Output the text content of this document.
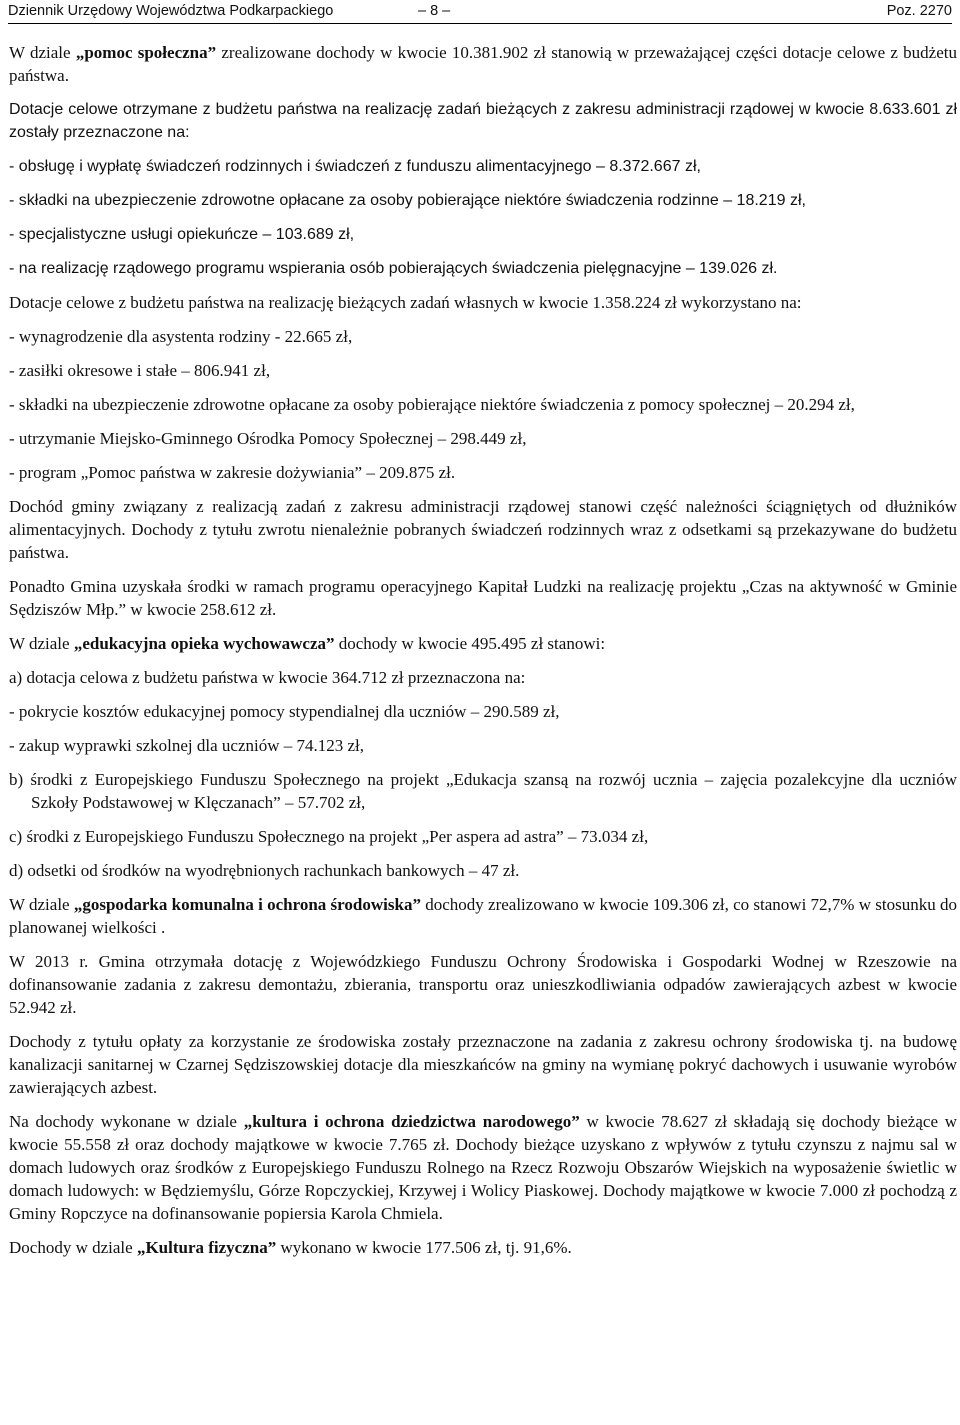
Dziennik Urzędowy Województwa Podkarpackiego	– 8 –	Poz. 2270

W dziale „pomoc społeczna” zrealizowane dochody w kwocie 10.381.902 zł stanowią w przeważającej części dotacje celowe z budżetu państwa.

Dotacje celowe otrzymane z budżetu państwa na realizację zadań bieżących z zakresu administracji rządowej w kwocie 8.633.601 zł zostały przeznaczone na:

- obsługę i wypłatę świadczeń rodzinnych i świadczeń z funduszu alimentacyjnego – 8.372.667 zł,

- składki na ubezpieczenie zdrowotne opłacane za osoby pobierające niektóre świadczenia rodzinne – 18.219 zł,

- specjalistyczne usługi opiekuńcze – 103.689 zł,

- na realizację rządowego programu wspierania osób pobierających świadczenia pielęgnacyjne – 139.026 zł.

Dotacje celowe z budżetu państwa na realizację bieżących zadań własnych w kwocie 1.358.224 zł wykorzystano na:

- wynagrodzenie dla asystenta rodziny - 22.665 zł,

- zasiłki okresowe i stałe – 806.941 zł,

- składki na ubezpieczenie zdrowotne opłacane za osoby pobierające niektóre świadczenia z pomocy społecznej – 20.294 zł,

- utrzymanie Miejsko-Gminnego Ośrodka Pomocy Społecznej – 298.449 zł,

- program „Pomoc państwa w zakresie dożywiania” – 209.875 zł.

Dochód gminy związany z realizacją zadań z zakresu administracji rządowej stanowi część należności ściągniętych od dłużników alimentacyjnych. Dochody z tytułu zwrotu nienależnie pobranych świadczeń rodzinnych wraz z odsetkami są przekazywane do budżetu państwa.

Ponadto Gmina uzyskała środki w ramach programu operacyjnego Kapitał Ludzki na realizację projektu „Czas na aktywność w Gminie Sędziszów Młp.” w kwocie 258.612 zł.

W dziale „edukacyjna opieka wychowawcza” dochody w kwocie 495.495 zł stanowi:

a) dotacja celowa z budżetu państwa w kwocie 364.712 zł przeznaczona na:

- pokrycie kosztów edukacyjnej pomocy stypendialnej dla uczniów – 290.589 zł,

- zakup wyprawki szkolnej dla uczniów – 74.123 zł,

b) środki z Europejskiego Funduszu Społecznego na projekt „Edukacja szansą na rozwój ucznia – zajęcia pozalekcyjne dla uczniów Szkoły Podstawowej w Klęczanach” – 57.702 zł,

c) środki z Europejskiego Funduszu Społecznego na projekt „Per aspera ad astra” – 73.034 zł,

d) odsetki od środków na wyodrębnionych rachunkach bankowych – 47 zł.

W dziale „gospodarka komunalna i ochrona środowiska” dochody zrealizowano w kwocie 109.306 zł, co stanowi 72,7% w stosunku do planowanej wielkości .

W 2013 r. Gmina otrzymała dotację z Wojewódzkiego Funduszu Ochrony Środowiska i Gospodarki Wodnej w Rzeszowie na dofinansowanie zadania z zakresu demontażu, zbierania, transportu oraz unieszkodliwiania odpadów zawierających azbest w kwocie 52.942 zł.

Dochody z tytułu opłaty za korzystanie ze środowiska zostały przeznaczone na zadania z zakresu ochrony środowiska tj. na budowę kanalizacji sanitarnej w Czarnej Sędziszowskiej dotacje dla mieszkańców na gminy na wymianę pokryć dachowych i usuwanie wyrobów zawierających azbest.

Na dochody wykonane w dziale „kultura i ochrona dziedzictwa narodowego” w kwocie 78.627 zł składają się dochody bieżące w kwocie 55.558 zł oraz dochody majątkowe w kwocie 7.765 zł. Dochody bieżące uzyskano z wpływów z tytułu czynszu z najmu sal w domach ludowych oraz środków z Europejskiego Funduszu Rolnego na Rzecz Rozwoju Obszarów Wiejskich na wyposażenie świetlic w domach ludowych: w Będziemyślu, Górze Ropczyckiej, Krzywej i Wolicy Piaskowej. Dochody majątkowe w kwocie 7.000 zł pochodzą z Gminy Ropczyce na dofinansowanie popiersia Karola Chmiela.

Dochody w dziale „Kultura fizyczna” wykonano w kwocie 177.506 zł, tj. 91,6%.
